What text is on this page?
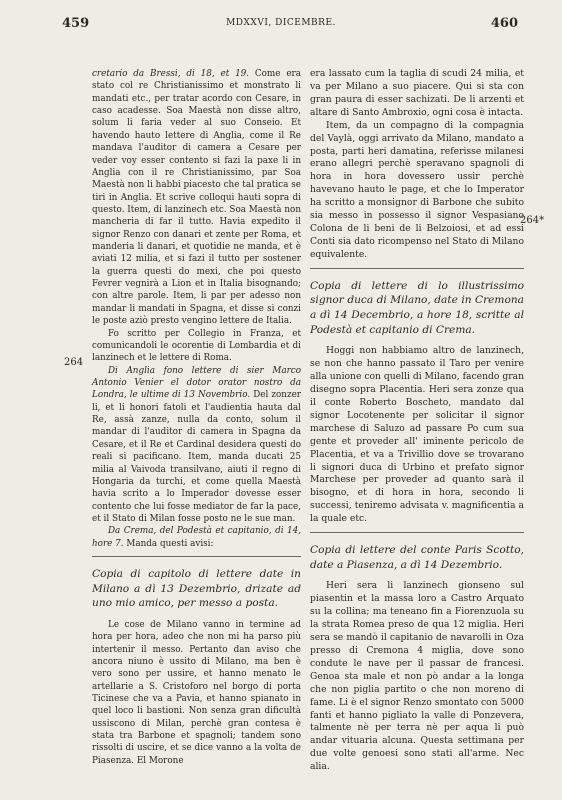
459	MDXXVI, DICEMBRE.	460
264
264*

cretario da Bressi, di 18, et 19. Come era stato col re Christianissimo et monstrato li mandati etc., per tratar acordo con Cesare, in caso acadesse. Soa Maestà non disse altro, solum li faria veder al suo Conseio. Et havendo hauto lettere di Anglia, come il Re mandava l'auditor di camera a Cesare per veder voy esser contento si fazi la paxe li in Anglia con il re Christianissimo, par Soa Maestà non li habbi piacesto che tal pratica se tiri in Anglia. Et scrive colloqui hauti sopra di questo. Item, di lanzinech etc. Soa Maestà non mancheria di far il tutto. Havia expedito il signor Renzo con danari et zente per Roma, et manderia li danari, et quotidie ne manda, et è aviati 12 milia, et si fazi il tutto per sostener la guerra questi do mexi, che poi questo Fevrer vegnirà a Lion et in Italia bisognando; con altre parole. Item, li par per adesso non mandar li mandati in Spagna, et disse si conzi le poste aziò presto vengino lettere de Italia.

Fo scritto per Collegio in Franza, et comunicandoli le ocorentie di Lombardia et di lanzinech et le lettere di Roma.

Di Anglia fono lettere di sier Marco Antonio Venier el dotor orator nostro da Londra, le ultime di 13 Novembrio. Del zonzer li, et li honori fatoli et l'audientia hauta dal Re, assà zanze, nulla da conto, solum il mandar di l'auditor di camera in Spagna da Cesare, et il Re et Cardinal desidera questi do reali si pacificano. Item, manda ducati 25 milia al Vaivoda transilvano, aiuti il regno di Hongaria da turchi, et come quella Maestà havia scrito a lo Imperador dovesse esser contento che lui fosse mediator de far la pace, et il Stato di Milan fosse posto ne le sue man.

Da Crema, del Podestà et capitanio, di 14, hore 7. Manda questi avisi:

Copia di capitolo di lettere date in Milano a dì 13 Dezembrio, drizate ad uno mio amico, per messo a posta.

Le cose de Milano vanno in termine ad hora per hora, adeo che non mi ha parso più intertenir il messo. Pertanto dan aviso che ancora niuno è ussito di Milano, ma ben è vero sono per ussire, et hanno menato le artellarie a S. Cristoforo nel borgo di porta Ticinese che va a Pavia, et hanno spianato in quel loco li bastioni. Non senza gran dificultà ussiscono di Milan, perchè gran contesa è stata tra Barbone et spagnoli; tandem sono rissolti di uscire, et se dice vanno a la volta de Piasenza. El Morone

era lassato cum la taglia di scudi 24 milia, et va per Milano a suo piacere. Qui si sta con gran paura di esser sachizati. De li arzenti et altare di Santo Ambroxio, ogni cosa è intacta.

Item, da un compagno di la compagnia del Vaylà, oggi arrivato da Milano, mandato a posta, parti heri damatina, referisse milanesi erano allegri perchè speravano spagnoli di hora in hora dovessero ussir perchè havevano hauto le page, et che lo Imperator ha scritto a monsignor di Barbone che subito sia messo in possesso il signor Vespasiano Colona de li beni de li Belzoiosi, et ad essi Conti sia dato ricompenso nel Stato di Milano equivalente.

Copia di lettere di lo illustrissimo signor duca di Milano, date in Cremona a dì 14 Decembrio, a hore 18, scritte al Podestà et capitanio di Crema.

Hoggi non habbiamo altro de lanzinech, se non che hanno passato il Taro per venire alla unione con quelli di Milano, facendo gran disegno sopra Placentia. Heri sera zonze qua il conte Roberto Boscheto, mandato dal signor Locotenente per solicitar il signor marchese di Saluzo ad passare Po cum sua gente et proveder all' iminente pericolo de Placentia, et va a Trivillio dove se trovarano li signori duca di Urbino et prefato signor Marchese per proveder ad quanto sarà il bisogno, et di hora in hora, secondo li successi, teniremo advisata v. magnificentia a la quale etc.

Copia di lettere del conte Paris Scotto, date a Piasenza, a dì 14 Dezembrio.

Heri sera li lanzinech gionseno sul piasentin et la massa loro a Castro Arquato su la collina; ma teneano fin a Fiorenzuola su la strata Romea preso de qua 12 miglia. Heri sera se mandò il capitanio de navarolli in Oza presso di Cremona 4 miglia, dove sono condute le nave per il passar de francesi. Genoa sta male et non pò andar a la longa che non piglia partito o che non moreno di fame. Li è el signor Renzo smontato con 5000 fanti et hanno pigliato la valle di Ponzevera, talmente nè per terra nè per aqua li può andar vituaria alcuna. Questa settimana per due volte genoesi sono stati all'arme. Nec alia.
